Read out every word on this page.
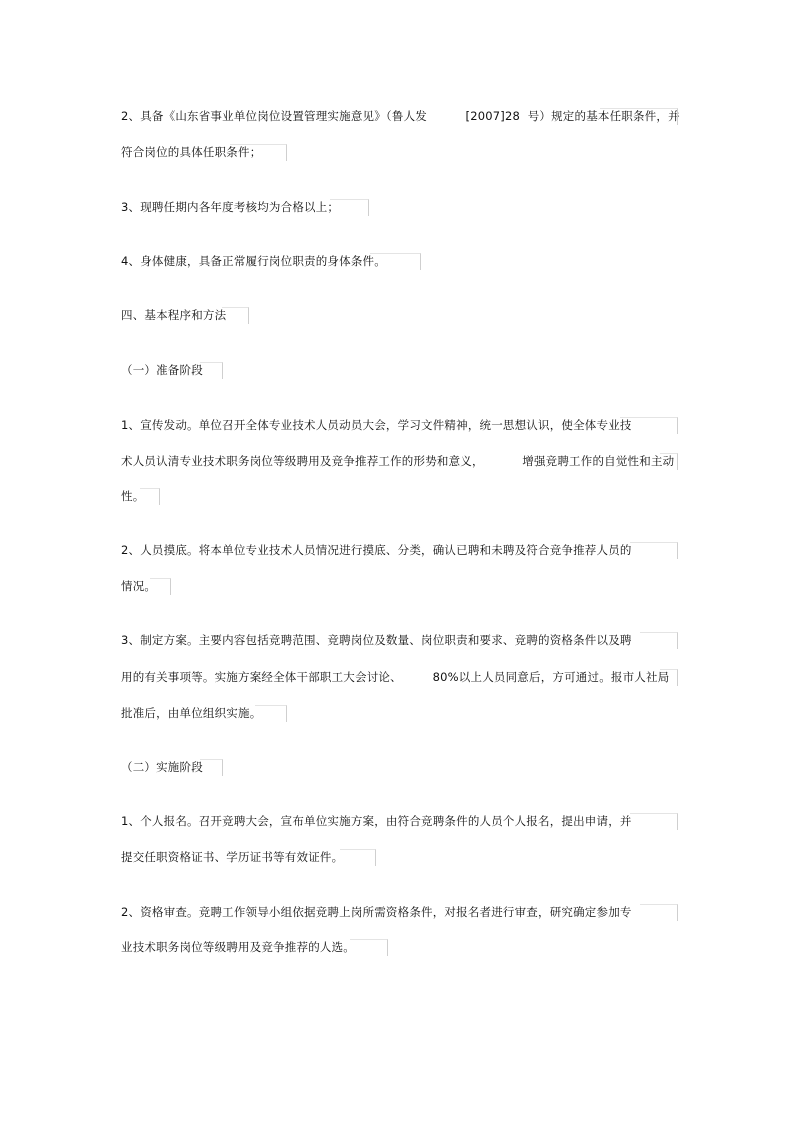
2、具备《山东省事业单位岗位设置管理实施意见》（鲁人发          [2007]28  号）规定的基本任职条件，并
符合岗位的具体任职条件；
3、现聘任期内各年度考核均为合格以上；
4、身体健康，具备正常履行岗位职责的身体条件。
四、基本程序和方法
（一）准备阶段
1、宣传发动。单位召开全体专业技术人员动员大会，学习文件精神，统一思想认识，使全体专业技
术人员认清专业技术职务岗位等级聘用及竞争推荐工作的形势和意义，          增强竞聘工作的自觉性和主动
性。
2、人员摸底。将本单位专业技术人员情况进行摸底、分类，确认已聘和未聘及符合竞争推荐人员的
情况。
3、制定方案。主要内容包括竞聘范围、竞聘岗位及数量、岗位职责和要求、竞聘的资格条件以及聘
用的有关事项等。实施方案经全体干部职工大会讨论、        80%以上人员同意后，方可通过。报市人社局
批准后，由单位组织实施。
（二）实施阶段
1、个人报名。召开竞聘大会，宣布单位实施方案，由符合竞聘条件的人员个人报名，提出申请，并
提交任职资格证书、学历证书等有效证件。
2、资格审查。竞聘工作领导小组依据竞聘上岗所需资格条件，对报名者进行审查，研究确定参加专
业技术职务岗位等级聘用及竞争推荐的人选。
